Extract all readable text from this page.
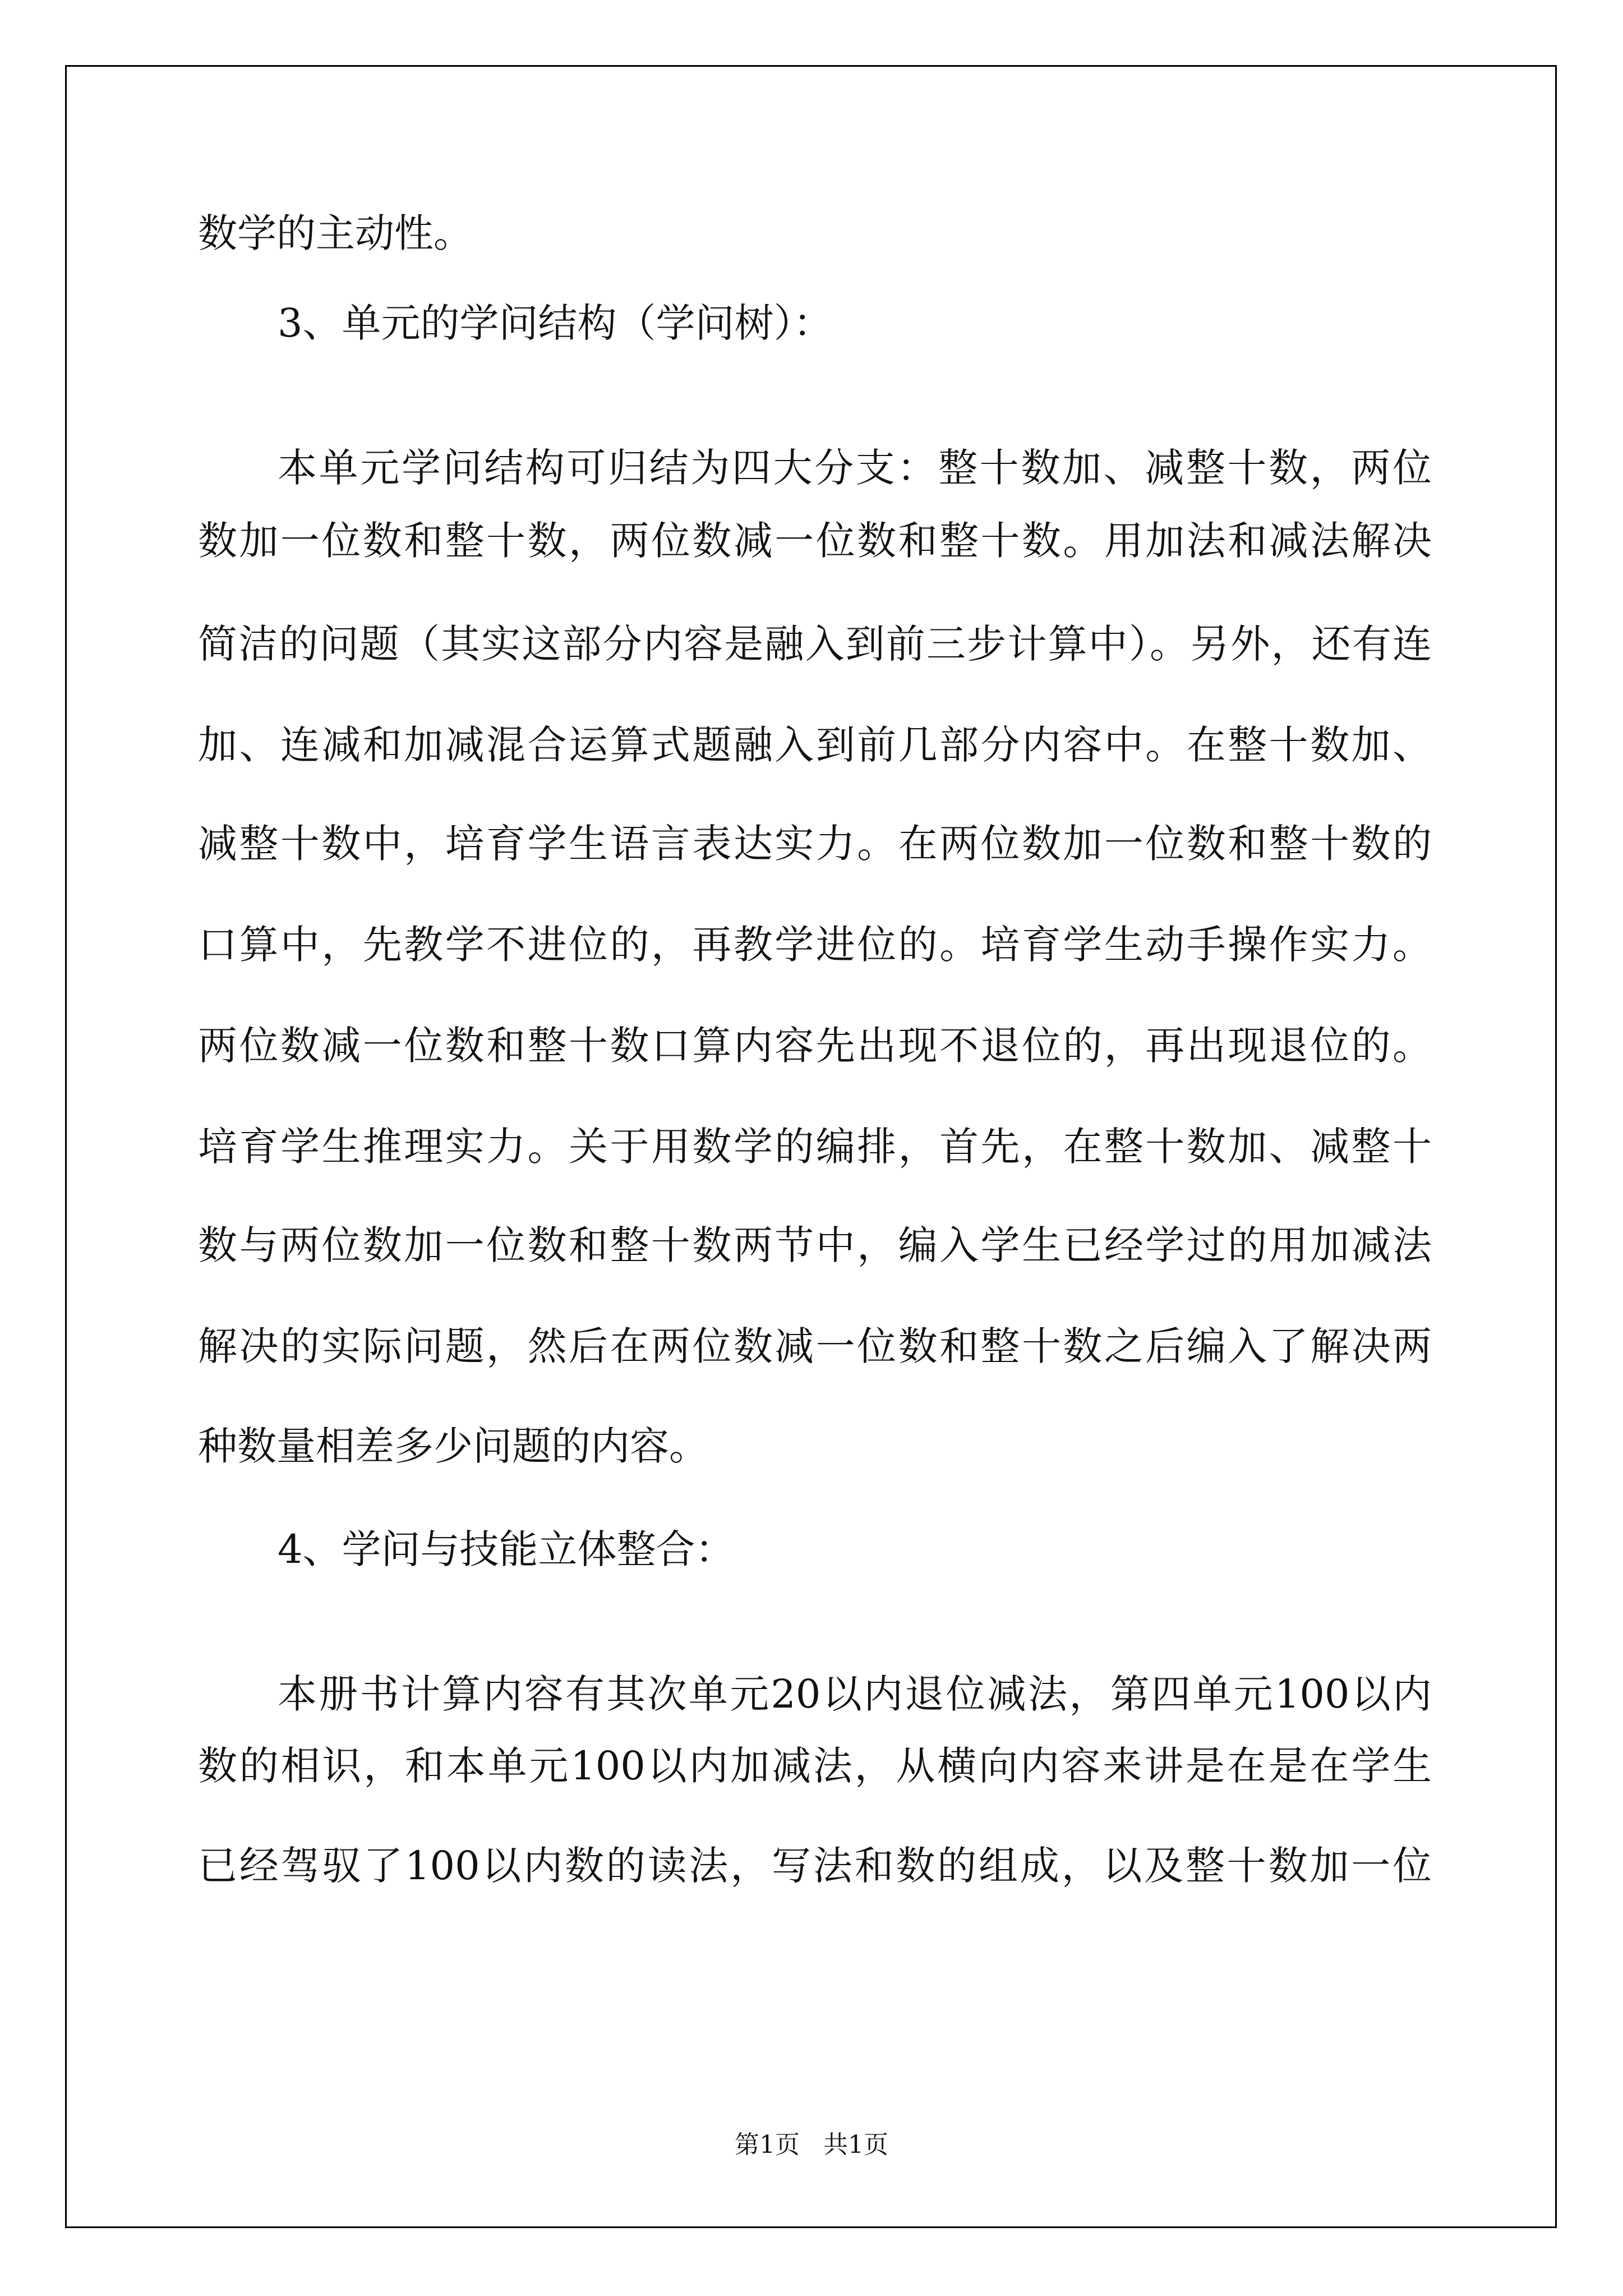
数学的主动性。
3、单元的学问结构（学问树）：
本单元学问结构可归结为四大分支：整十数加、减整十数，两位
数加一位数和整十数，两位数减一位数和整十数。用加法和减法解决
简洁的问题（其实这部分内容是融入到前三步计算中）。另外，还有连
加、连减和加减混合运算式题融入到前几部分内容中。在整十数加、
减整十数中，培育学生语言表达实力。在两位数加一位数和整十数的
口算中，先教学不进位的，再教学进位的。培育学生动手操作实力。
两位数减一位数和整十数口算内容先出现不退位的，再出现退位的。
培育学生推理实力。关于用数学的编排，首先，在整十数加、减整十
数与两位数加一位数和整十数两节中，编入学生已经学过的用加减法
解决的实际问题，然后在两位数减一位数和整十数之后编入了解决两
种数量相差多少问题的内容。
4、学问与技能立体整合：
本册书计算内容有其次单元20以内退位减法，第四单元100以内
数的相识，和本单元100以内加减法，从横向内容来讲是在是在学生
已经驾驭了100以内数的读法，写法和数的组成，以及整十数加一位
第1页 共1页
